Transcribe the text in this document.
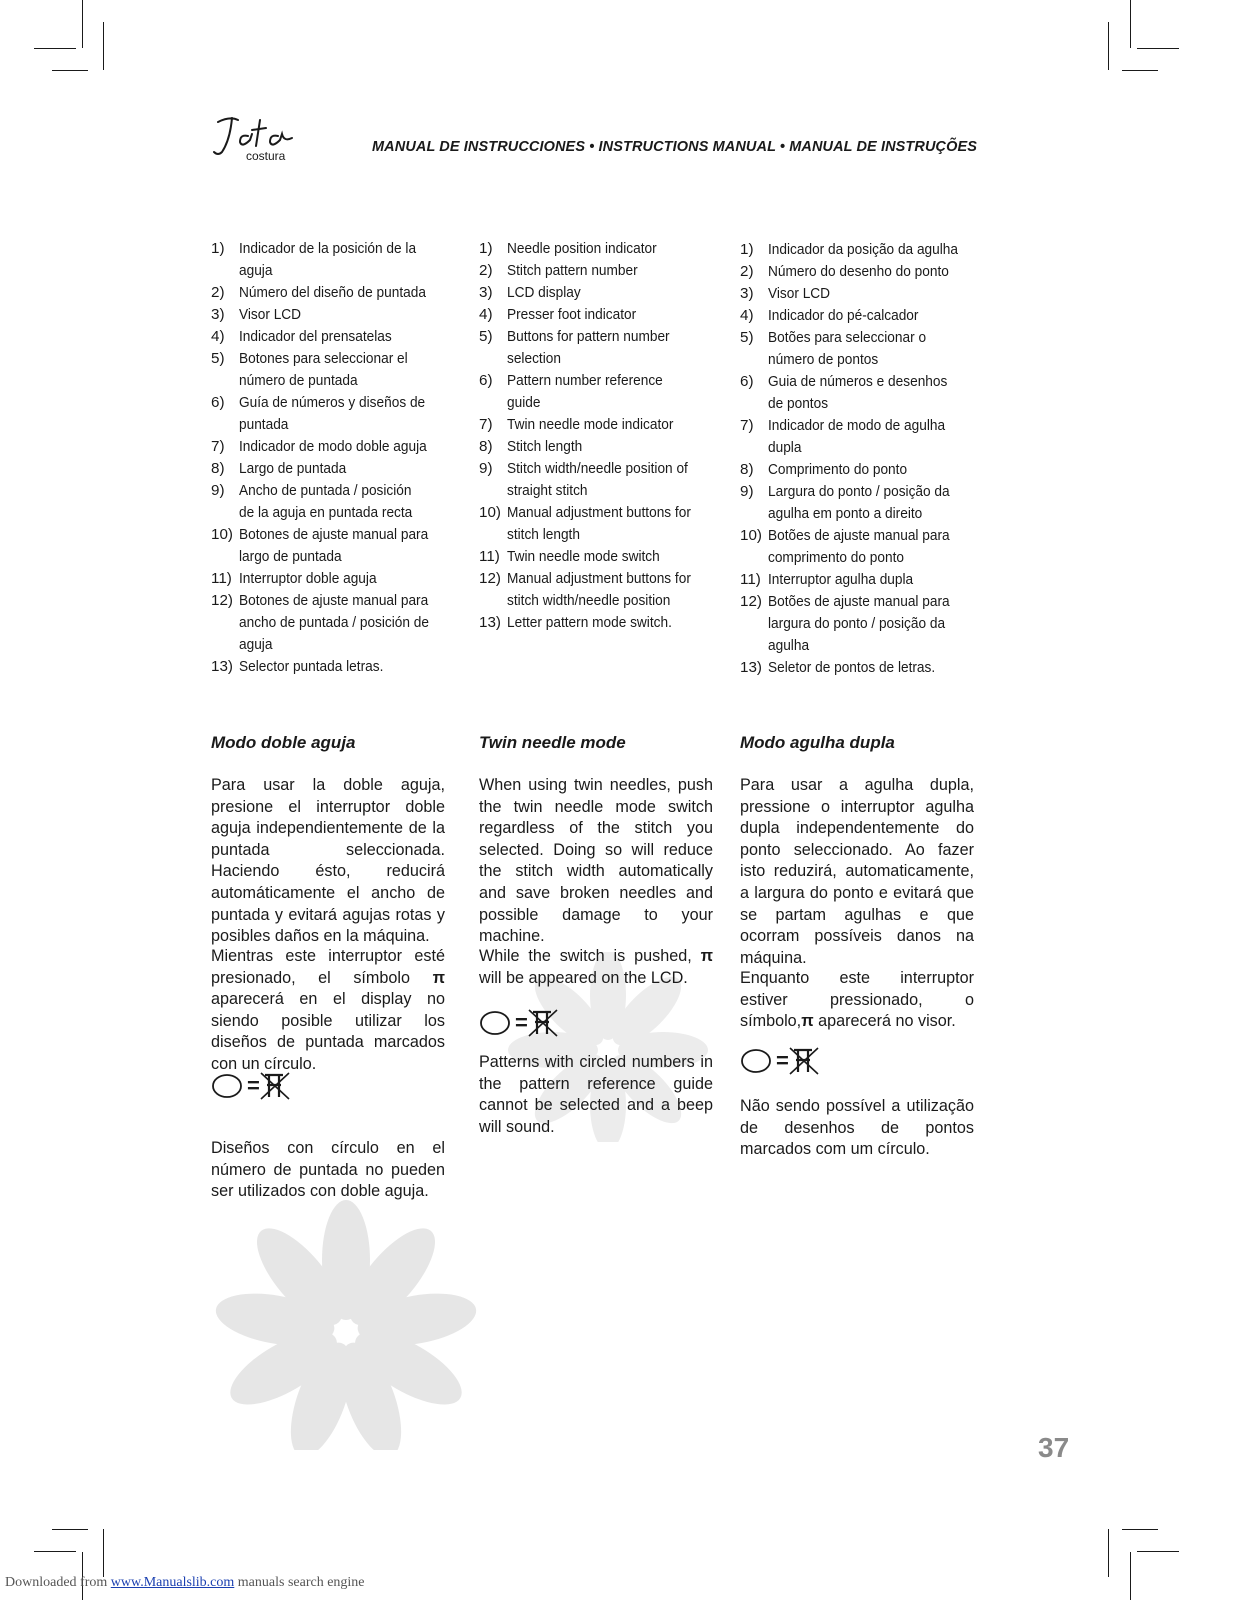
costura
MANUAL DE INSTRUCCIONES • INSTRUCTIONS MANUAL • MANUAL DE INSTRUÇÕES
1) Indicador de la posición de la aguja
2) Número del diseño de puntada
3) Visor LCD
4) Indicador del prensatelas
5) Botones para seleccionar el número de puntada
6) Guía de números y diseños de puntada
7) Indicador de modo doble aguja
8) Largo de puntada
9) Ancho de puntada / posición de la aguja en puntada recta
10) Botones de ajuste manual para largo de puntada
11) Interruptor doble aguja
12) Botones de ajuste manual para ancho de puntada / posición de aguja
13) Selector puntada letras.
1) Needle position indicator
2) Stitch pattern number
3) LCD display
4) Presser foot indicator
5) Buttons for pattern number selection
6) Pattern number reference guide
7) Twin needle mode indicator
8) Stitch length
9) Stitch width/needle position of straight stitch
10) Manual adjustment buttons for stitch length
11) Twin needle mode switch
12) Manual adjustment buttons for stitch width/needle position
13) Letter pattern mode switch.
1) Indicador da posição da agulha
2) Número do desenho do ponto
3) Visor LCD
4) Indicador do pé-calcador
5) Botões para seleccionar o número de pontos
6) Guia de números e desenhos de pontos
7) Indicador de modo de agulha dupla
8) Comprimento do ponto
9) Largura do ponto / posição da agulha em ponto a direito
10) Botões de ajuste manual para comprimento do ponto
11) Interruptor agulha dupla
12) Botões de ajuste manual para largura do ponto / posição da agulha
13) Seletor de pontos de letras.
Modo doble aguja	Twin needle mode	Modo agulha dupla

Para usar la doble aguja, presione el interruptor doble aguja independientemente de la puntada seleccionada. Haciendo ésto, reducirá automáticamente el ancho de puntada y evitará agujas rotas y posibles daños en la máquina.

Mientras este interruptor esté presionado, el símbolo π aparecerá en el display no siendo posible utilizar los diseños de puntada marcados con un círculo.

=

Diseños con círculo en el número de puntada no pueden ser utilizados con doble aguja.

When using twin needles, push the twin needle mode switch regardless of the stitch you selected. Doing so will reduce the stitch width automatically and save broken needles and possible damage to your machine.

While the switch is pushed, π will be appeared on the LCD.

=

Patterns with circled numbers in the pattern reference guide cannot be selected and a beep will sound.

Para usar a agulha dupla, pressione o interruptor agulha dupla independentemente do ponto seleccionado. Ao fazer isto reduzirá, automaticamente, a largura do ponto e evitará que se partam agulhas e que ocorram possíveis danos na máquina.

Enquanto este interruptor estiver pressionado, o símbolo,π aparecerá no visor.

=

Não sendo possível a utilização de desenhos de pontos marcados com um círculo.

37
Downloaded from www.Manualslib.com manuals search engine
